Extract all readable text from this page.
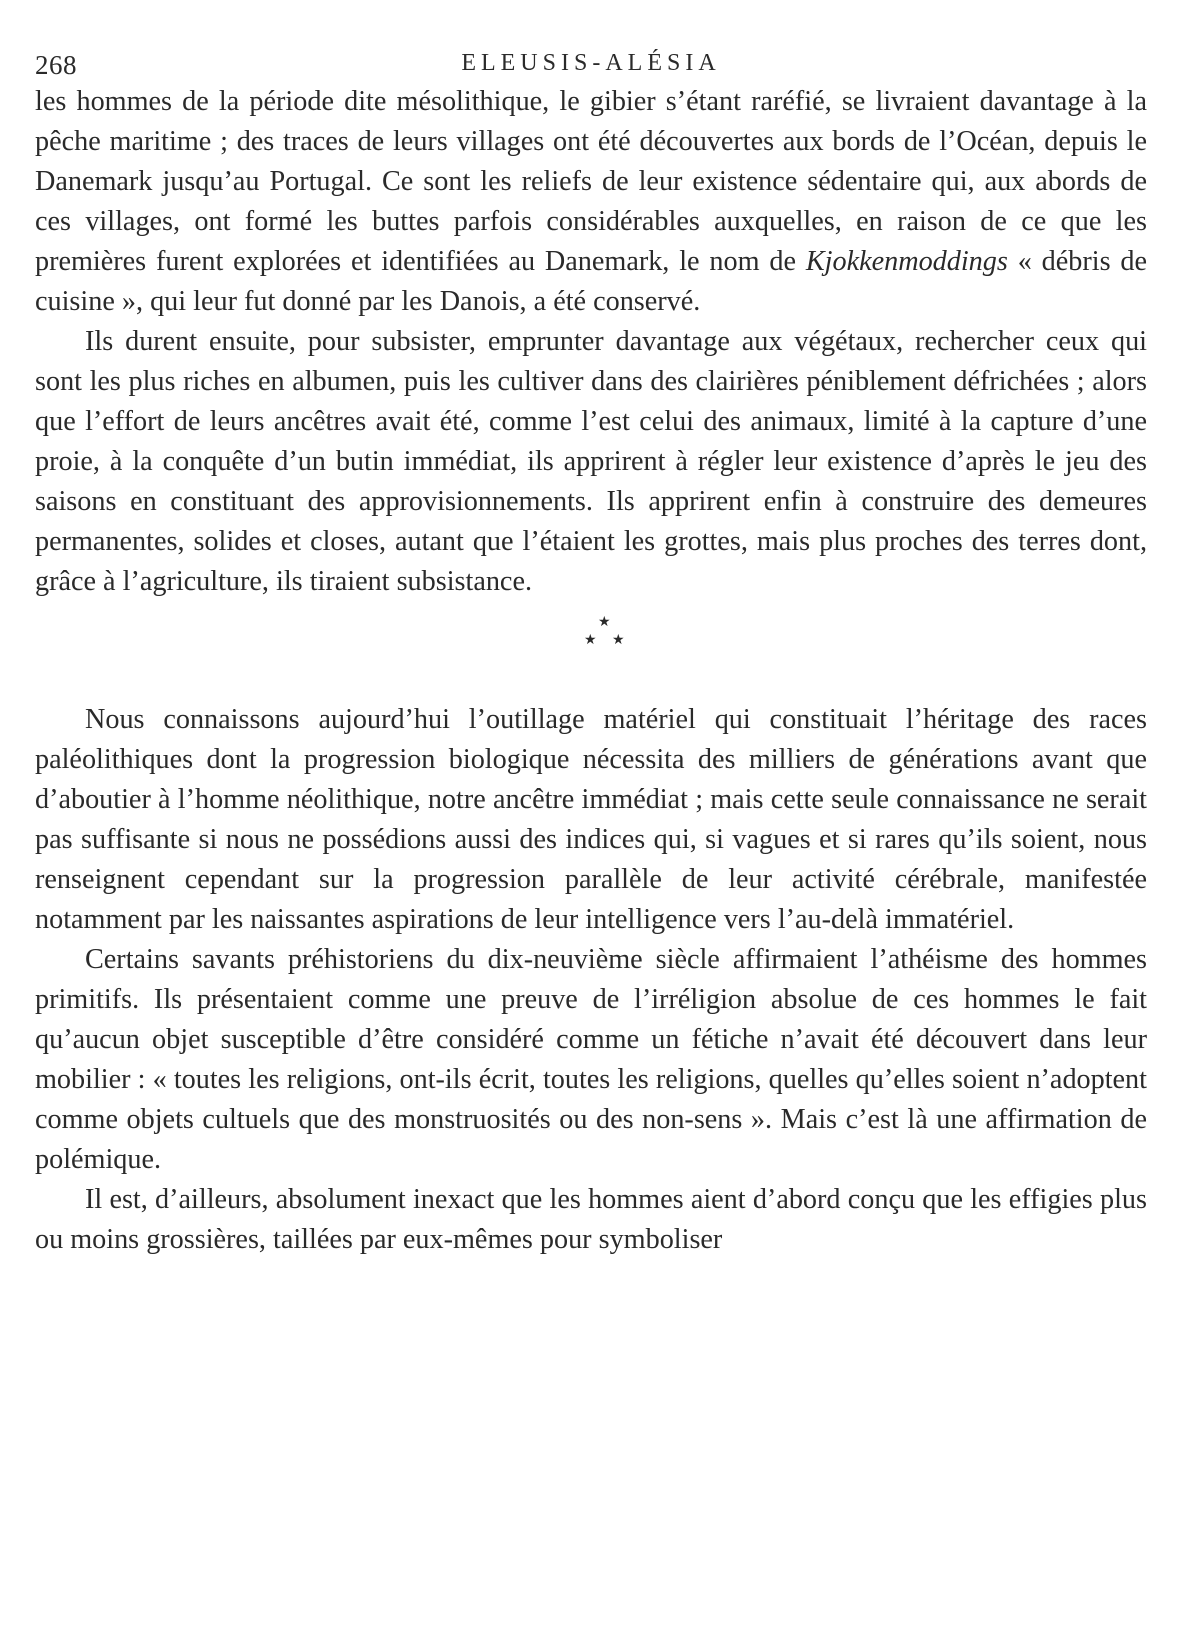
268	ELEUSIS-ALÉSIA

les hommes de la période dite mésolithique, le gibier s’étant raréfié, se livraient davantage à la pêche maritime ; des traces de leurs villages ont été découvertes aux bords de l’Océan, depuis le Danemark jusqu’au Portugal. Ce sont les reliefs de leur existence sédentaire qui, aux abords de ces villages, ont formé les buttes parfois considérables auxquelles, en raison de ce que les premières furent explorées et identifiées au Danemark, le nom de Kjokkenmoddings « débris de cuisine », qui leur fut donné par les Danois, a été conservé.

Ils durent ensuite, pour subsister, emprunter davantage aux végétaux, rechercher ceux qui sont les plus riches en albumen, puis les cultiver dans des clairières péniblement défrichées ; alors que l’effort de leurs ancêtres avait été, comme l’est celui des animaux, limité à la capture d’une proie, à la conquête d’un butin immédiat, ils apprirent à régler leur existence d’après le jeu des saisons en constituant des approvisionnements. Ils apprirent enfin à construire des demeures permanentes, solides et closes, autant que l’étaient les grottes, mais plus proches des terres dont, grâce à l’agriculture, ils tiraient subsistance.

★
★ ★

Nous connaissons aujourd’hui l’outillage matériel qui constituait l’héritage des races paléolithiques dont la progression biologique nécessita des milliers de générations avant que d’aboutier à l’homme néolithique, notre ancêtre immédiat ; mais cette seule connaissance ne serait pas suffisante si nous ne possédions aussi des indices qui, si vagues et si rares qu’ils soient, nous renseignent cependant sur la progression parallèle de leur activité cérébrale, manifestée notamment par les naissantes aspirations de leur intelligence vers l’au-delà immatériel.

Certains savants préhistoriens du dix-neuvième siècle affirmaient l’athéisme des hommes primitifs. Ils présentaient comme une preuve de l’irréligion absolue de ces hommes le fait qu’aucun objet susceptible d’être considéré comme un fétiche n’avait été découvert dans leur mobilier : « toutes les religions, ont-ils écrit, toutes les religions, quelles qu’elles soient n’adoptent comme objets cultuels que des monstruosités ou des non-sens ». Mais c’est là une affirmation de polémique.

Il est, d’ailleurs, absolument inexact que les hommes aient d’abord conçu que les effigies plus ou moins grossières, taillées par eux-mêmes pour symboliser
